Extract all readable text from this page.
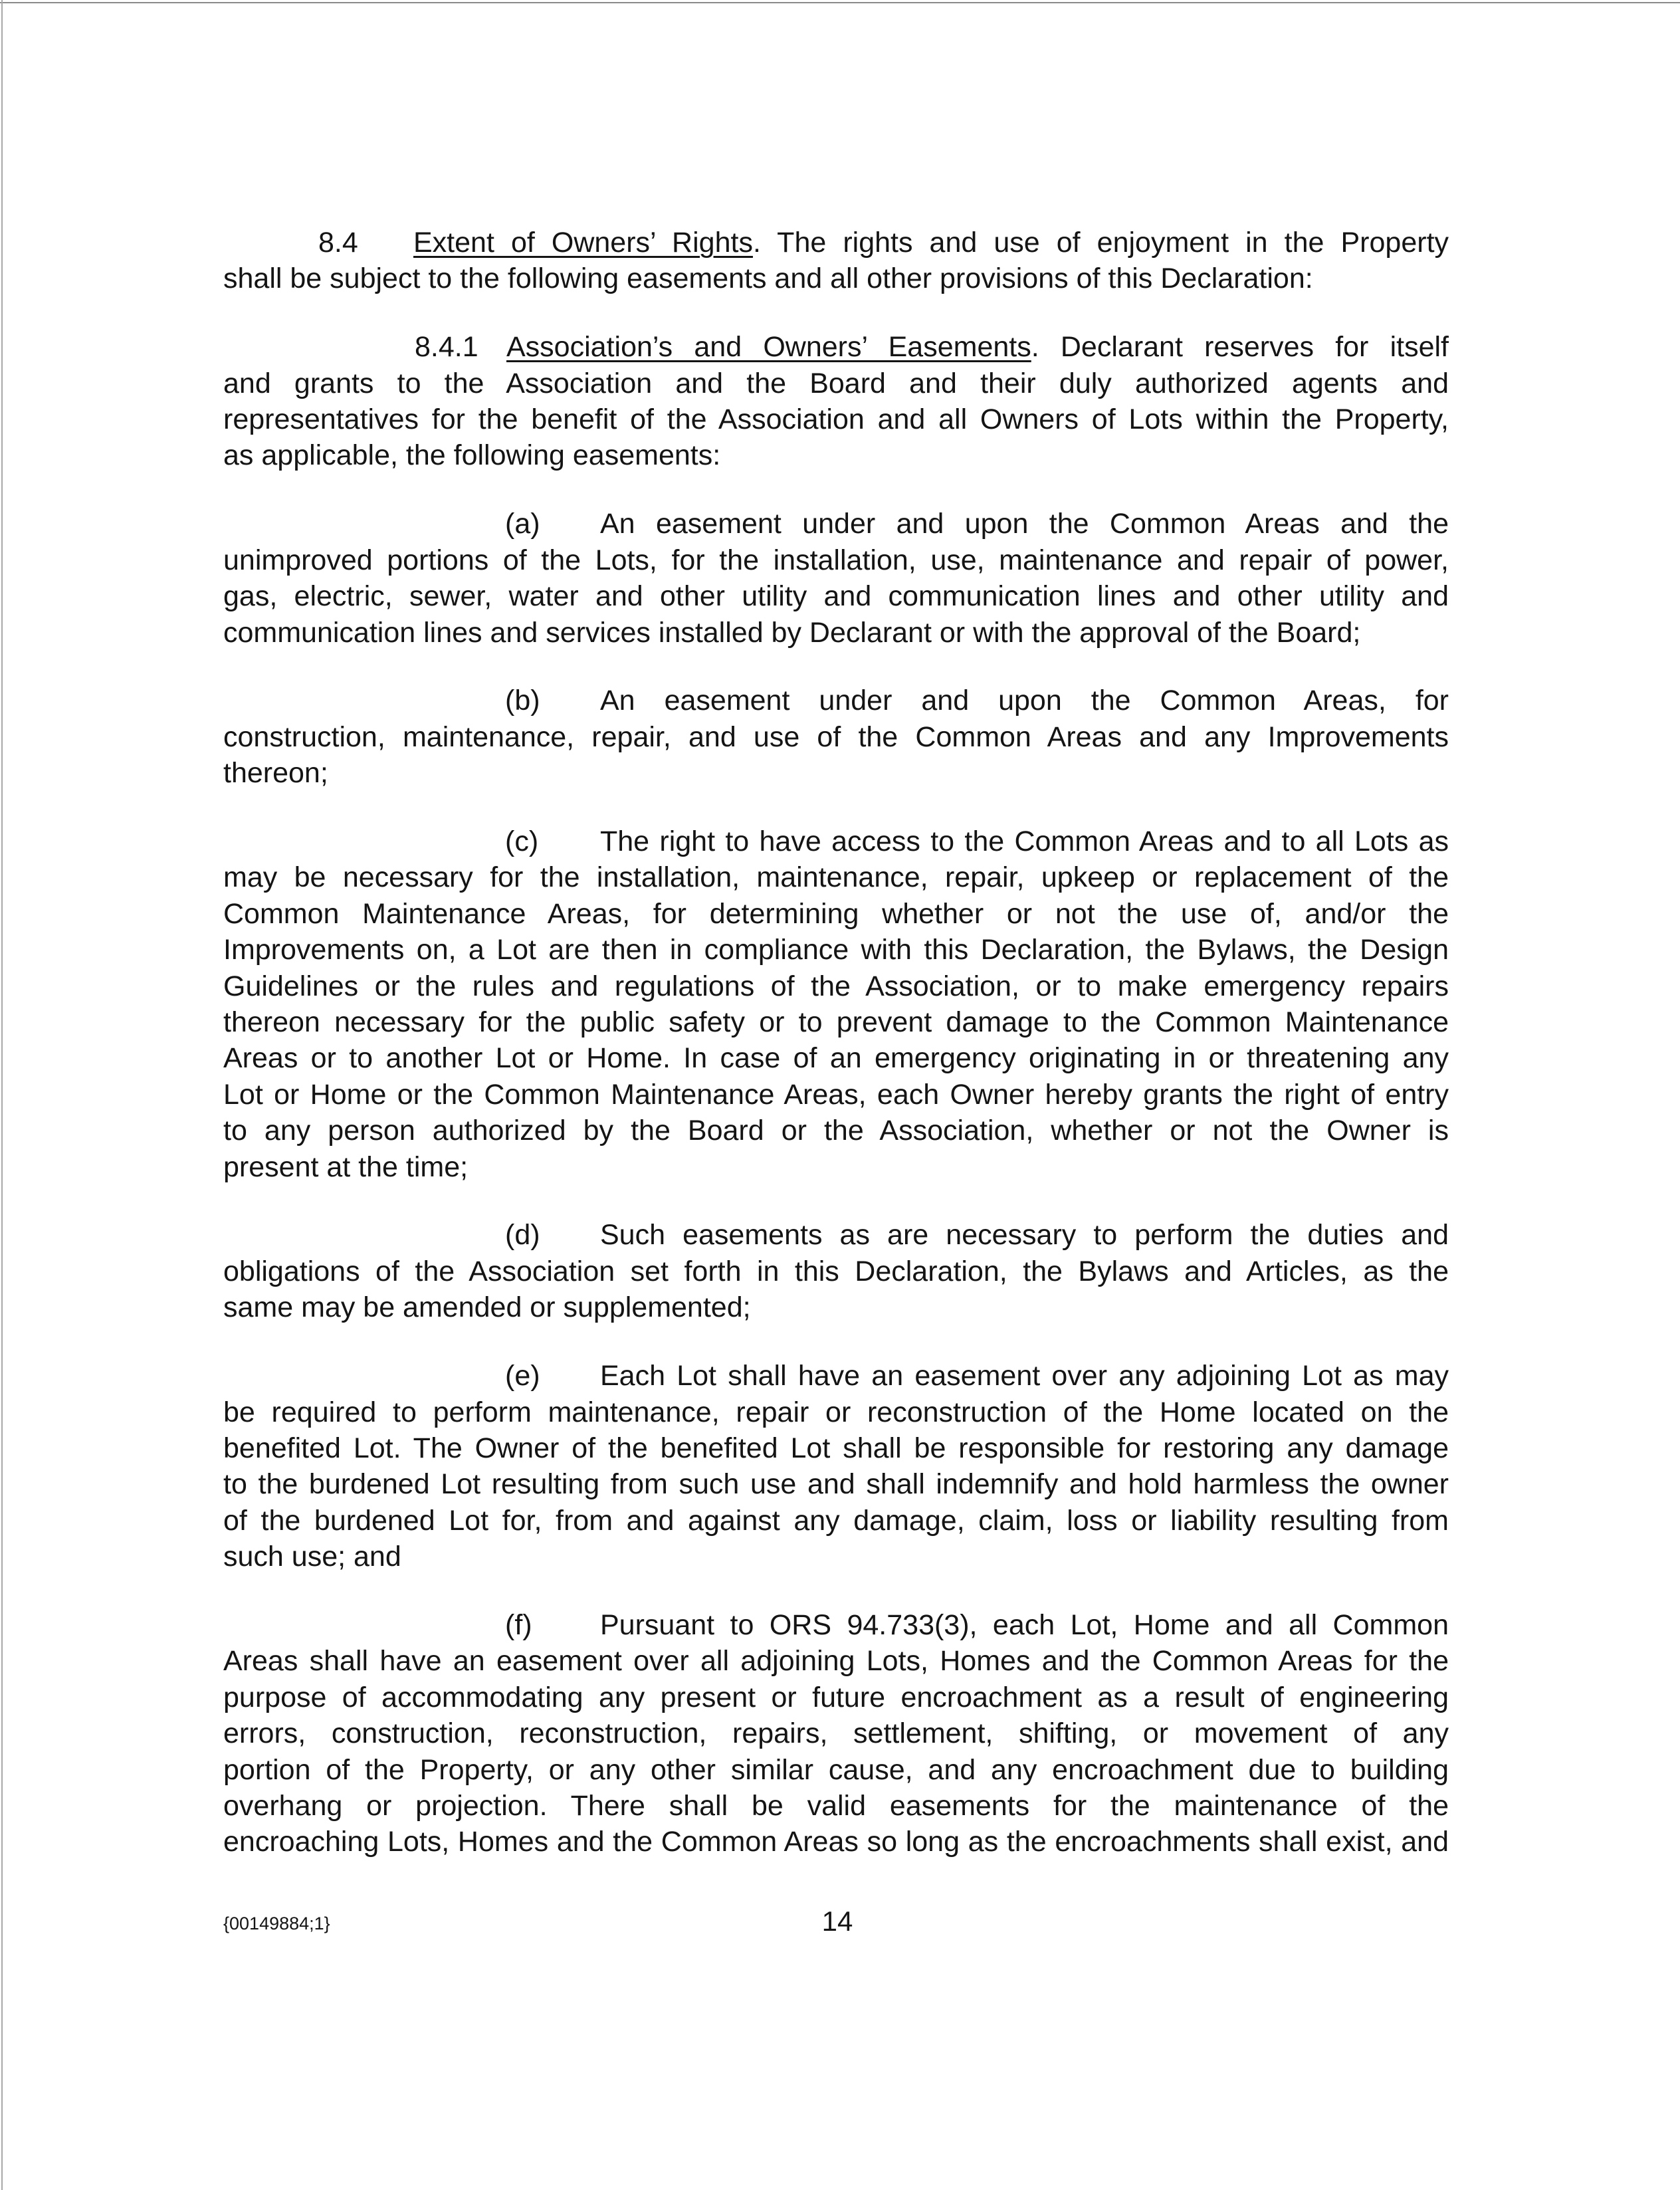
8.4 Extent of Owners’ Rights. The rights and use of enjoyment in the Property
shall be subject to the following easements and all other provisions of this Declaration:
8.4.1 Association’s and Owners’ Easements. Declarant reserves for itself
and grants to the Association and the Board and their duly authorized agents and
representatives for the benefit of the Association and all Owners of Lots within the Property,
as applicable, the following easements:
(a) An easement under and upon the Common Areas and the
unimproved portions of the Lots, for the installation, use, maintenance and repair of power,
gas, electric, sewer, water and other utility and communication lines and other utility and
communication lines and services installed by Declarant or with the approval of the Board;
(b) An easement under and upon the Common Areas, for
construction, maintenance, repair, and use of the Common Areas and any Improvements
thereon;
(c) The right to have access to the Common Areas and to all Lots as
may be necessary for the installation, maintenance, repair, upkeep or replacement of the
Common Maintenance Areas, for determining whether or not the use of, and/or the
Improvements on, a Lot are then in compliance with this Declaration, the Bylaws, the Design
Guidelines or the rules and regulations of the Association, or to make emergency repairs
thereon necessary for the public safety or to prevent damage to the Common Maintenance
Areas or to another Lot or Home. In case of an emergency originating in or threatening any
Lot or Home or the Common Maintenance Areas, each Owner hereby grants the right of entry
to any person authorized by the Board or the Association, whether or not the Owner is
present at the time;
(d) Such easements as are necessary to perform the duties and
obligations of the Association set forth in this Declaration, the Bylaws and Articles, as the
same may be amended or supplemented;
(e) Each Lot shall have an easement over any adjoining Lot as may
be required to perform maintenance, repair or reconstruction of the Home located on the
benefited Lot. The Owner of the benefited Lot shall be responsible for restoring any damage
to the burdened Lot resulting from such use and shall indemnify and hold harmless the owner
of the burdened Lot for, from and against any damage, claim, loss or liability resulting from
such use; and
(f) Pursuant to ORS 94.733(3), each Lot, Home and all Common
Areas shall have an easement over all adjoining Lots, Homes and the Common Areas for the
purpose of accommodating any present or future encroachment as a result of engineering
errors, construction, reconstruction, repairs, settlement, shifting, or movement of any
portion of the Property, or any other similar cause, and any encroachment due to building
overhang or projection. There shall be valid easements for the maintenance of the
encroaching Lots, Homes and the Common Areas so long as the encroachments shall exist, and
{00149884;1}	14
